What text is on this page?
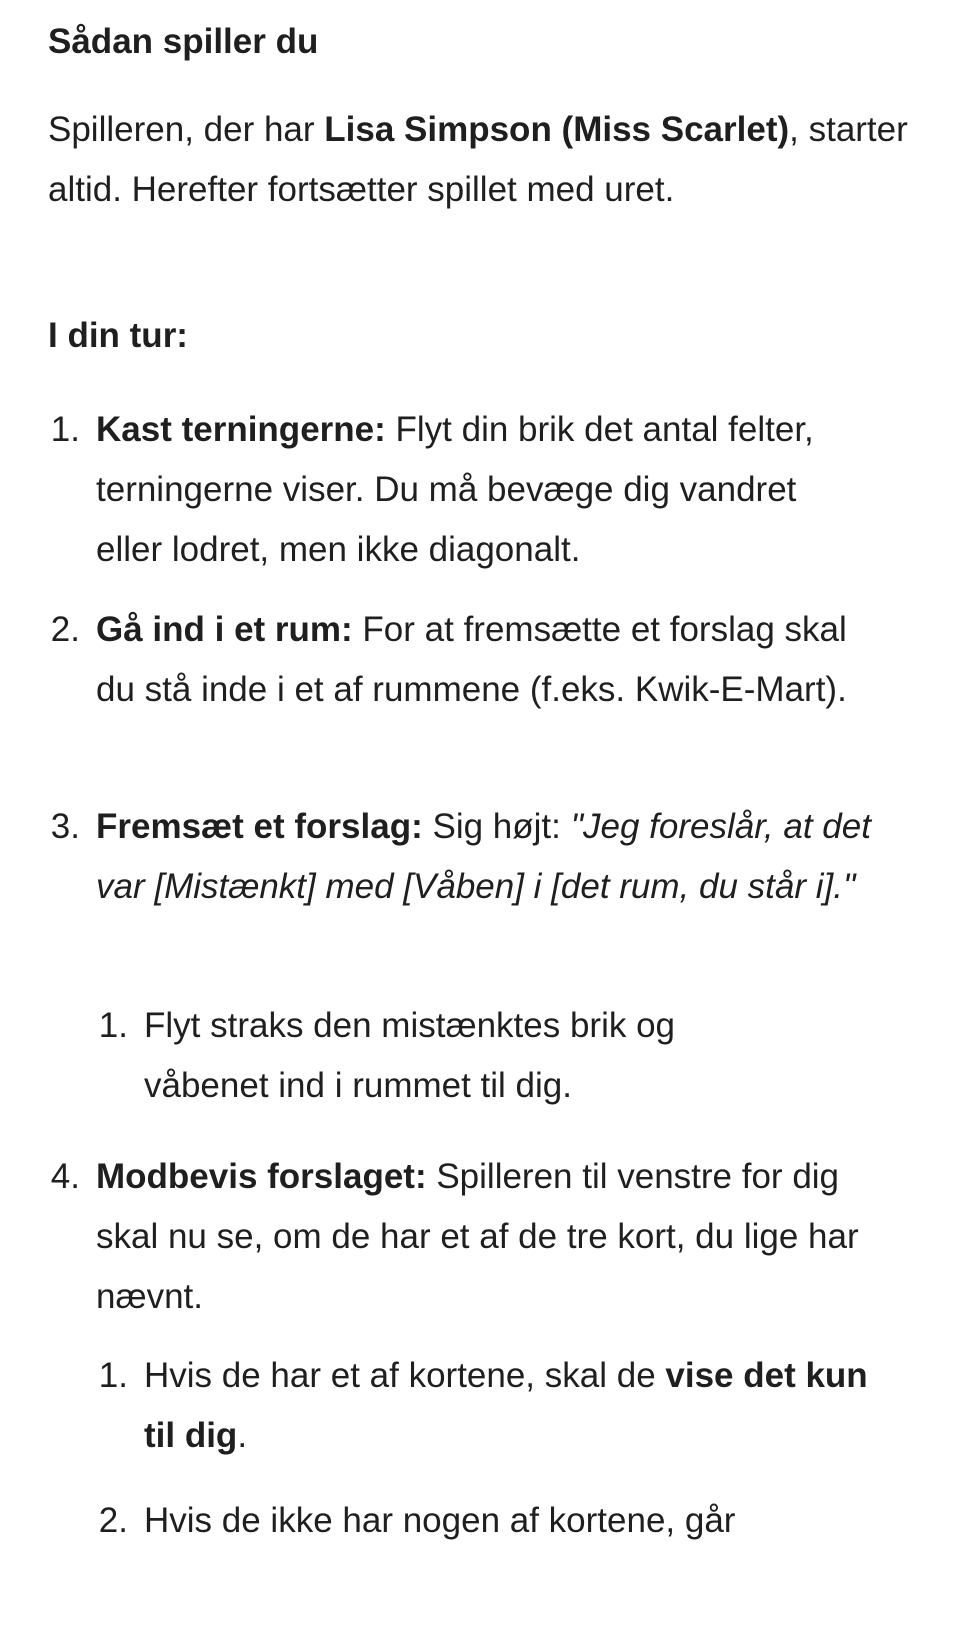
Sådan spiller du
Spilleren, der har Lisa Simpson (Miss Scarlet), starter altid. Herefter fortsætter spillet med uret.
I din tur:
1. Kast terningerne: Flyt din brik det antal felter, terningerne viser. Du må bevæge dig vandret eller lodret, men ikke diagonalt.
2. Gå ind i et rum: For at fremsætte et forslag skal du stå inde i et af rummene (f.eks. Kwik-E-Mart).
3. Fremsæt et forslag: Sig højt: "Jeg foreslår, at det var [Mistænkt] med [Våben] i [det rum, du står i]."
1. Flyt straks den mistænktes brik og våbenet ind i rummet til dig.
4. Modbevis forslaget: Spilleren til venstre for dig skal nu se, om de har et af de tre kort, du lige har nævnt.
1. Hvis de har et af kortene, skal de vise det kun til dig.
2. Hvis de ikke har nogen af kortene, går
